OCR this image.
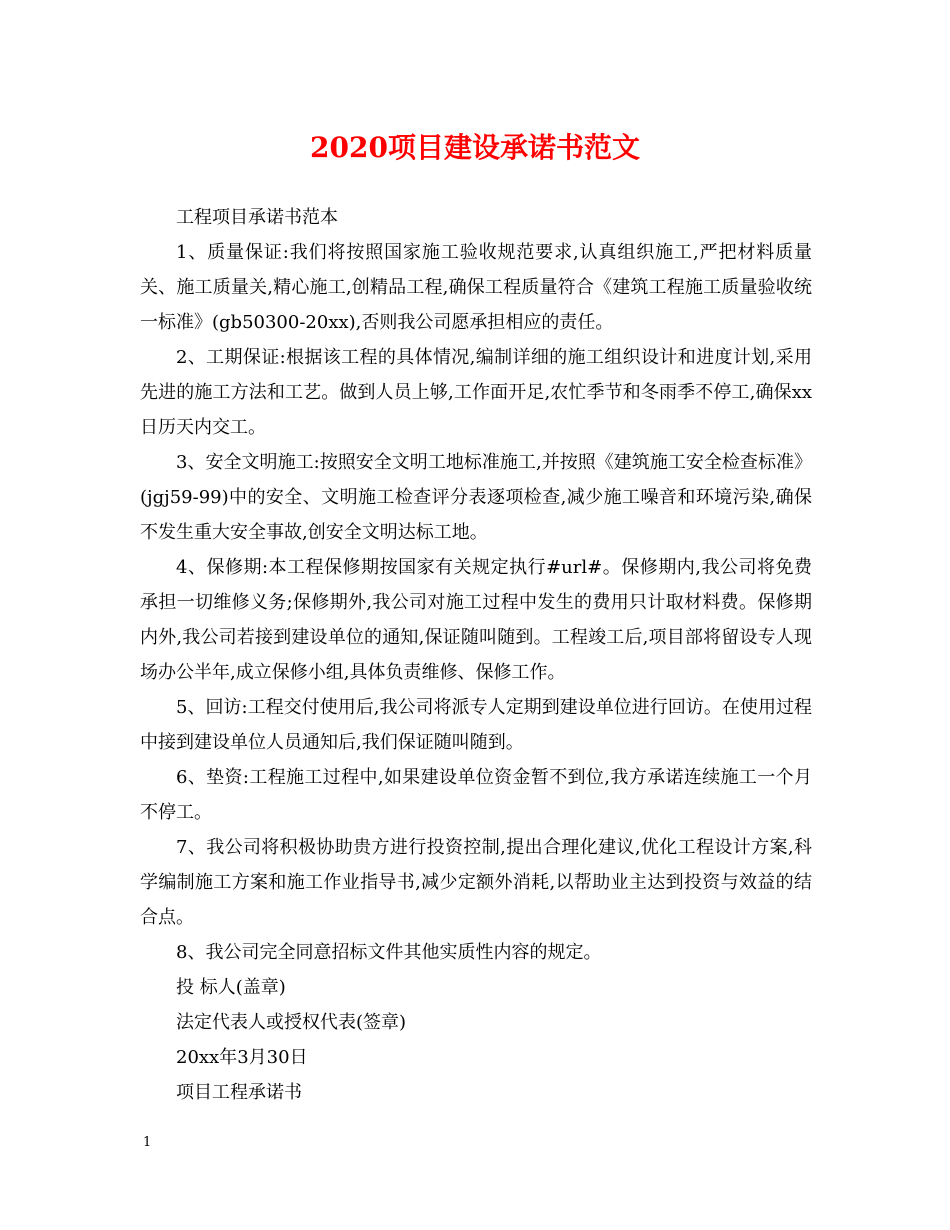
2020项目建设承诺书范文

工程项目承诺书范本

1、质量保证:我们将按照国家施工验收规范要求,认真组织施工,严把材料质量关、施工质量关,精心施工,创精品工程,确保工程质量符合《建筑工程施工质量验收统一标准》(gb50300-20xx),否则我公司愿承担相应的责任。

2、工期保证:根据该工程的具体情况,编制详细的施工组织设计和进度计划,采用先进的施工方法和工艺。做到人员上够,工作面开足,农忙季节和冬雨季不停工,确保xx日历天内交工。

3、安全文明施工:按照安全文明工地标准施工,并按照《建筑施工安全检查标准》(jgj59-99)中的安全、文明施工检查评分表逐项检查,减少施工噪音和环境污染,确保不发生重大安全事故,创安全文明达标工地。

4、保修期:本工程保修期按国家有关规定执行#url#。保修期内,我公司将免费承担一切维修义务;保修期外,我公司对施工过程中发生的费用只计取材料费。保修期内外,我公司若接到建设单位的通知,保证随叫随到。工程竣工后,项目部将留设专人现场办公半年,成立保修小组,具体负责维修、保修工作。

5、回访:工程交付使用后,我公司将派专人定期到建设单位进行回访。在使用过程中接到建设单位人员通知后,我们保证随叫随到。

6、垫资:工程施工过程中,如果建设单位资金暂不到位,我方承诺连续施工一个月不停工。

7、我公司将积极协助贵方进行投资控制,提出合理化建议,优化工程设计方案,科学编制施工方案和施工作业指导书,减少定额外消耗,以帮助业主达到投资与效益的结合点。

8、我公司完全同意招标文件其他实质性内容的规定。

投 标人(盖章)

法定代表人或授权代表(签章)

20xx年3月30日

项目工程承诺书

1
